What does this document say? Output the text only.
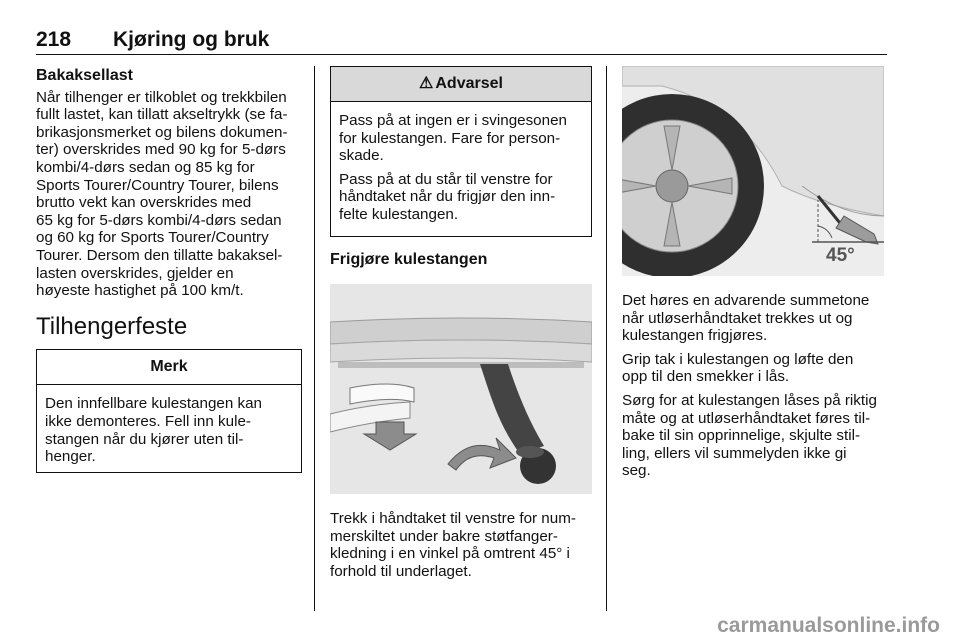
218 Kjøring og bruk
Bakaksellast
Når tilhenger er tilkoblet og trekkbilen
fullt lastet, kan tillatt akseltrykk (se fa-
brikasjonsmerket og bilens dokumen-
ter) overskrides med 90 kg for 5-dørs
kombi/4-dørs sedan og 85 kg for
Sports Tourer/Country Tourer, bilens
brutto vekt kan overskrides med
65 kg for 5-dørs kombi/4-dørs sedan
og 60 kg for Sports Tourer/Country
Tourer. Dersom den tillatte bakaksel-
lasten overskrides, gjelder en
høyeste hastighet på 100 km/t.
Tilhengerfeste
Merk
Den innfellbare kulestangen kan
ikke demonteres. Fell inn kule-
stangen når du kjører uten til-
henger.
⚠ Advarsel

Pass på at ingen er i svingesonen
for kulestangen. Fare for person-
skade.

Pass på at du står til venstre for
håndtaket når du frigjør den inn-
felte kulestangen.

Frigjøre kulestangen
Trekk i håndtaket til venstre for num-
merskiltet under bakre støtfanger-
kledning i en vinkel på omtrent 45° i
forhold til underlaget.
45°

Det høres en advarende summetone
når utløserhåndtaket trekkes ut og
kulestangen frigjøres.

Grip tak i kulestangen og løfte den
opp til den smekker i lås.

Sørg for at kulestangen låses på riktig
måte og at utløserhåndtaket føres til-
bake til sin opprinnelige, skjulte stil-
ling, ellers vil summelyden ikke gi
seg.

carmanualsonline.info
